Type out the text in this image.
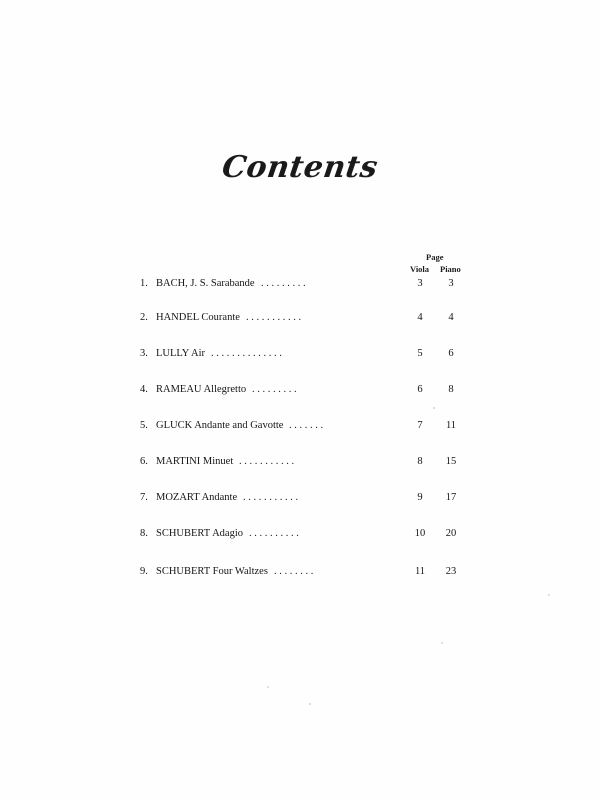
Contents
Page
Viola Piano
1. BACH, J. S. Sarabande . . . . . . . . .	3	3
2. HANDEL Courante . . . . . . . . . . .	4	4
3. LULLY Air . . . . . . . . . . . . . .	5	6
4. RAMEAU Allegretto . . . . . . . . .	6	8
5. GLUCK Andante and Gavotte . . . . . . .	7	11
6. MARTINI Minuet . . . . . . . . . . .	8	15
7. MOZART Andante . . . . . . . . . . .	9	17
8. SCHUBERT Adagio . . . . . . . . . .	10	20
9. SCHUBERT Four Waltzes . . . . . . . .	11	23
